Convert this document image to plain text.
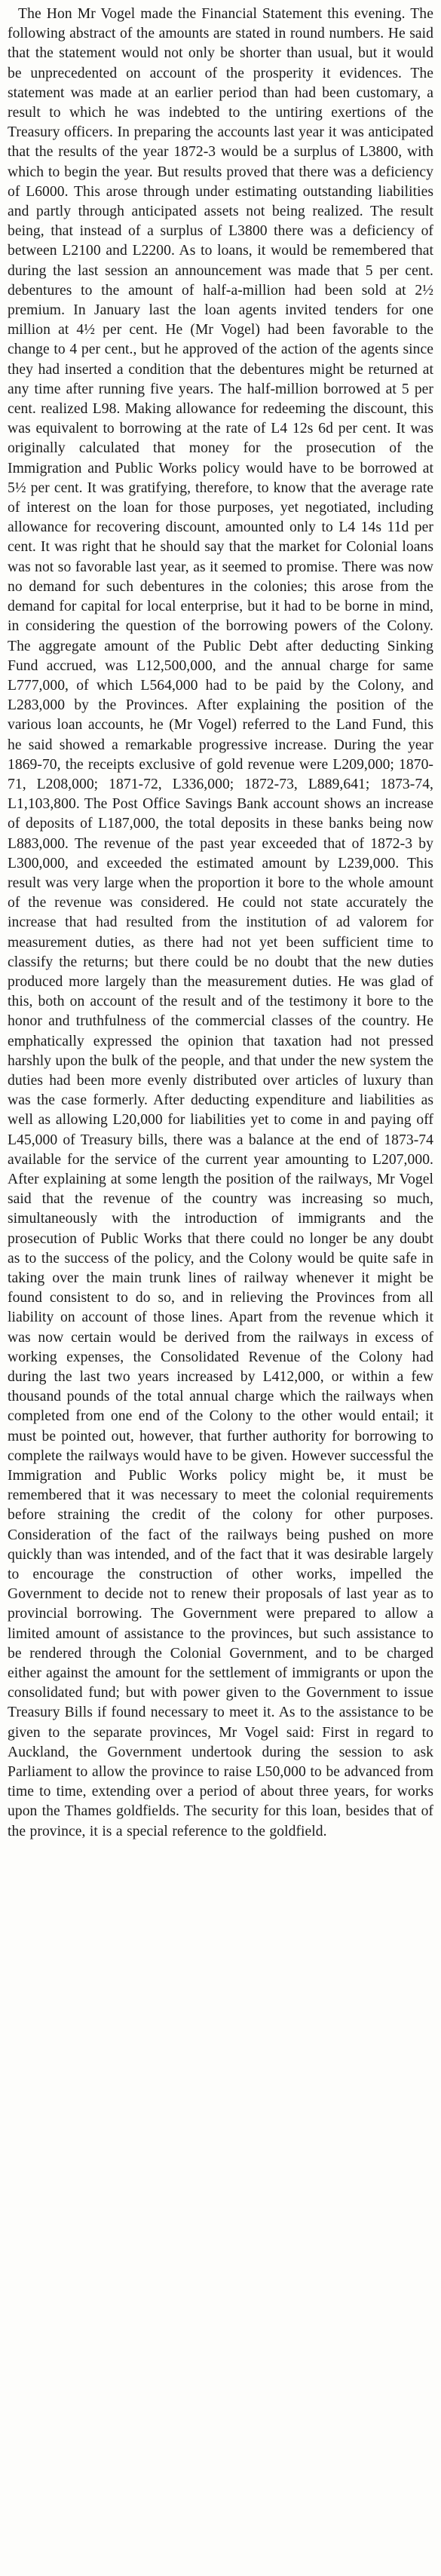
The Hon Mr Vogel made the Financial Statement this evening. The following abstract of the amounts are stated in round numbers. He said that the statement would not only be shorter than usual, but it would be unprecedented on account of the prosperity it evidences. The statement was made at an earlier period than had been customary, a result to which he was indebted to the untiring exertions of the Treasury officers. In preparing the accounts last year it was anticipated that the results of the year 1872-3 would be a surplus of L3800, with which to begin the year. But results proved that there was a deficiency of L6000. This arose through under estimating outstanding liabilities and partly through anticipated assets not being realized. The result being, that instead of a surplus of L3800 there was a deficiency of between L2100 and L2200. As to loans, it would be remembered that during the last session an announcement was made that 5 per cent. debentures to the amount of half-a-million had been sold at 2½ premium. In January last the loan agents invited tenders for one million at 4½ per cent. He (Mr Vogel) had been favorable to the change to 4 per cent., but he approved of the action of the agents since they had inserted a condition that the debentures might be returned at any time after running five years. The half-million borrowed at 5 per cent. realized L98. Making allowance for redeeming the discount, this was equivalent to borrowing at the rate of L4 12s 6d per cent. It was originally calculated that money for the prosecution of the Immigration and Public Works policy would have to be borrowed at 5½ per cent. It was gratifying, therefore, to know that the average rate of interest on the loan for those purposes, yet negotiated, including allowance for recovering discount, amounted only to L4 14s 11d per cent. It was right that he should say that the market for Colonial loans was not so favorable last year, as it seemed to promise. There was now no demand for such debentures in the colonies; this arose from the demand for capital for local enterprise, but it had to be borne in mind, in considering the question of the borrowing powers of the Colony. The aggregate amount of the Public Debt after deducting Sinking Fund accrued, was L12,500,000, and the annual charge for same L777,000, of which L564,000 had to be paid by the Colony, and L283,000 by the Provinces. After explaining the position of the various loan accounts, he (Mr Vogel) referred to the Land Fund, this he said showed a remarkable progressive increase. During the year 1869-70, the receipts exclusive of gold revenue were L209,000; 1870-71, L208,000; 1871-72, L336,000; 1872-73, L889,641; 1873-74, L1,103,800. The Post Office Savings Bank account shows an increase of deposits of L187,000, the total deposits in these banks being now L883,000. The revenue of the past year exceeded that of 1872-3 by L300,000, and exceeded the estimated amount by L239,000. This result was very large when the proportion it bore to the whole amount of the revenue was considered. He could not state accurately the increase that had resulted from the institution of ad valorem for measurement duties, as there had not yet been sufficient time to classify the returns; but there could be no doubt that the new duties produced more largely than the measurement duties. He was glad of this, both on account of the result and of the testimony it bore to the honor and truthfulness of the commercial classes of the country. He emphatically expressed the opinion that taxation had not pressed harshly upon the bulk of the people, and that under the new system the duties had been more evenly distributed over articles of luxury than was the case formerly. After deducting expenditure and liabilities as well as allowing L20,000 for liabilities yet to come in and paying off L45,000 of Treasury bills, there was a balance at the end of 1873-74 available for the service of the current year amounting to L207,000. After explaining at some length the position of the railways, Mr Vogel said that the revenue of the country was increasing so much, simultaneously with the introduction of immigrants and the prosecution of Public Works that there could no longer be any doubt as to the success of the policy, and the Colony would be quite safe in taking over the main trunk lines of railway whenever it might be found consistent to do so, and in relieving the Provinces from all liability on account of those lines. Apart from the revenue which it was now certain would be derived from the railways in excess of working expenses, the Consolidated Revenue of the Colony had during the last two years increased by L412,000, or within a few thousand pounds of the total annual charge which the railways when completed from one end of the Colony to the other would entail; it must be pointed out, however, that further authority for borrowing to complete the railways would have to be given. However successful the Immigration and Public Works policy might be, it must be remembered that it was necessary to meet the colonial requirements before straining the credit of the colony for other purposes. Consideration of the fact of the railways being pushed on more quickly than was intended, and of the fact that it was desirable largely to encourage the construction of other works, impelled the Government to decide not to renew their proposals of last year as to provincial borrowing. The Government were prepared to allow a limited amount of assistance to the provinces, but such assistance to be rendered through the Colonial Government, and to be charged either against the amount for the settlement of immigrants or upon the consolidated fund; but with power given to the Government to issue Treasury Bills if found necessary to meet it. As to the assistance to be given to the separate provinces, Mr Vogel said: First in regard to Auckland, the Government undertook during the session to ask Parliament to allow the province to raise L50,000 to be advanced from time to time, extending over a period of about three years, for works upon the Thames goldfields. The security for this loan, besides that of the province, it is a special reference to the goldfield.
